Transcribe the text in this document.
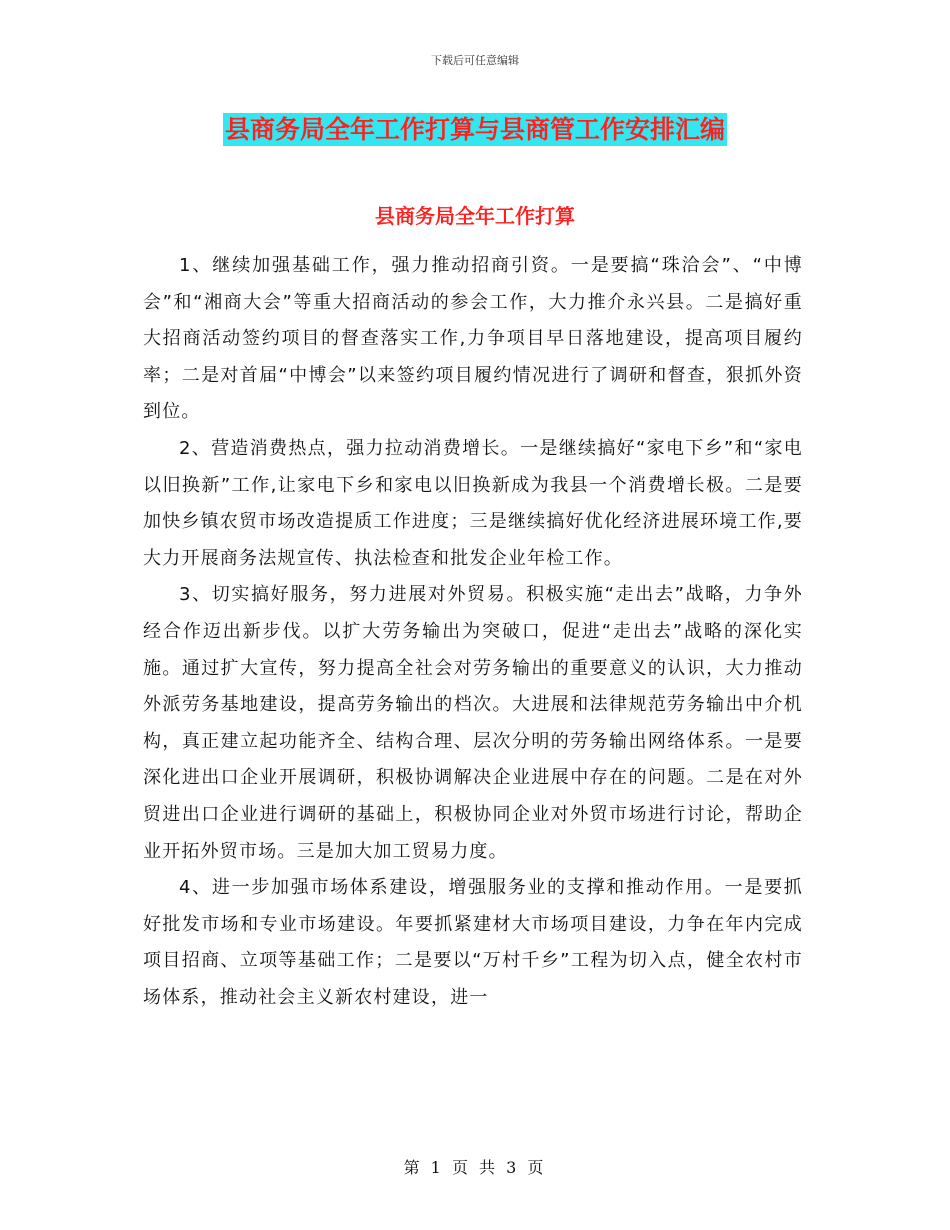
下载后可任意编辑
县商务局全年工作打算与县商管工作安排汇编
县商务局全年工作打算

1、继续加强基础工作，强力推动招商引资。一是要搞“珠洽会”、“中博会”和“湘商大会”等重大招商活动的参会工作，大力推介永兴县。二是搞好重大招商活动签约项目的督查落实工作,力争项目早日落地建设，提高项目履约率；二是对首届“中博会”以来签约项目履约情况进行了调研和督查，狠抓外资到位。

2、营造消费热点，强力拉动消费增长。一是继续搞好“家电下乡”和“家电以旧换新”工作,让家电下乡和家电以旧换新成为我县一个消费增长极。二是要加快乡镇农贸市场改造提质工作进度；三是继续搞好优化经济进展环境工作,要大力开展商务法规宣传、执法检查和批发企业年检工作。

3、切实搞好服务，努力进展对外贸易。积极实施“走出去”战略，力争外经合作迈出新步伐。以扩大劳务输出为突破口，促进“走出去”战略的深化实施。通过扩大宣传，努力提高全社会对劳务输出的重要意义的认识，大力推动外派劳务基地建设，提高劳务输出的档次。大进展和法律规范劳务输出中介机构，真正建立起功能齐全、结构合理、层次分明的劳务输出网络体系。一是要深化进出口企业开展调研，积极协调解决企业进展中存在的问题。二是在对外贸进出口企业进行调研的基础上，积极协同企业对外贸市场进行讨论，帮助企业开拓外贸市场。三是加大加工贸易力度。

4、进一步加强市场体系建设，增强服务业的支撑和推动作用。一是要抓好批发市场和专业市场建设。年要抓紧建材大市场项目建设，力争在年内完成项目招商、立项等基础工作；二是要以“万村千乡”工程为切入点，健全农村市场体系，推动社会主义新农村建设，进一

第 1 页 共 3 页
